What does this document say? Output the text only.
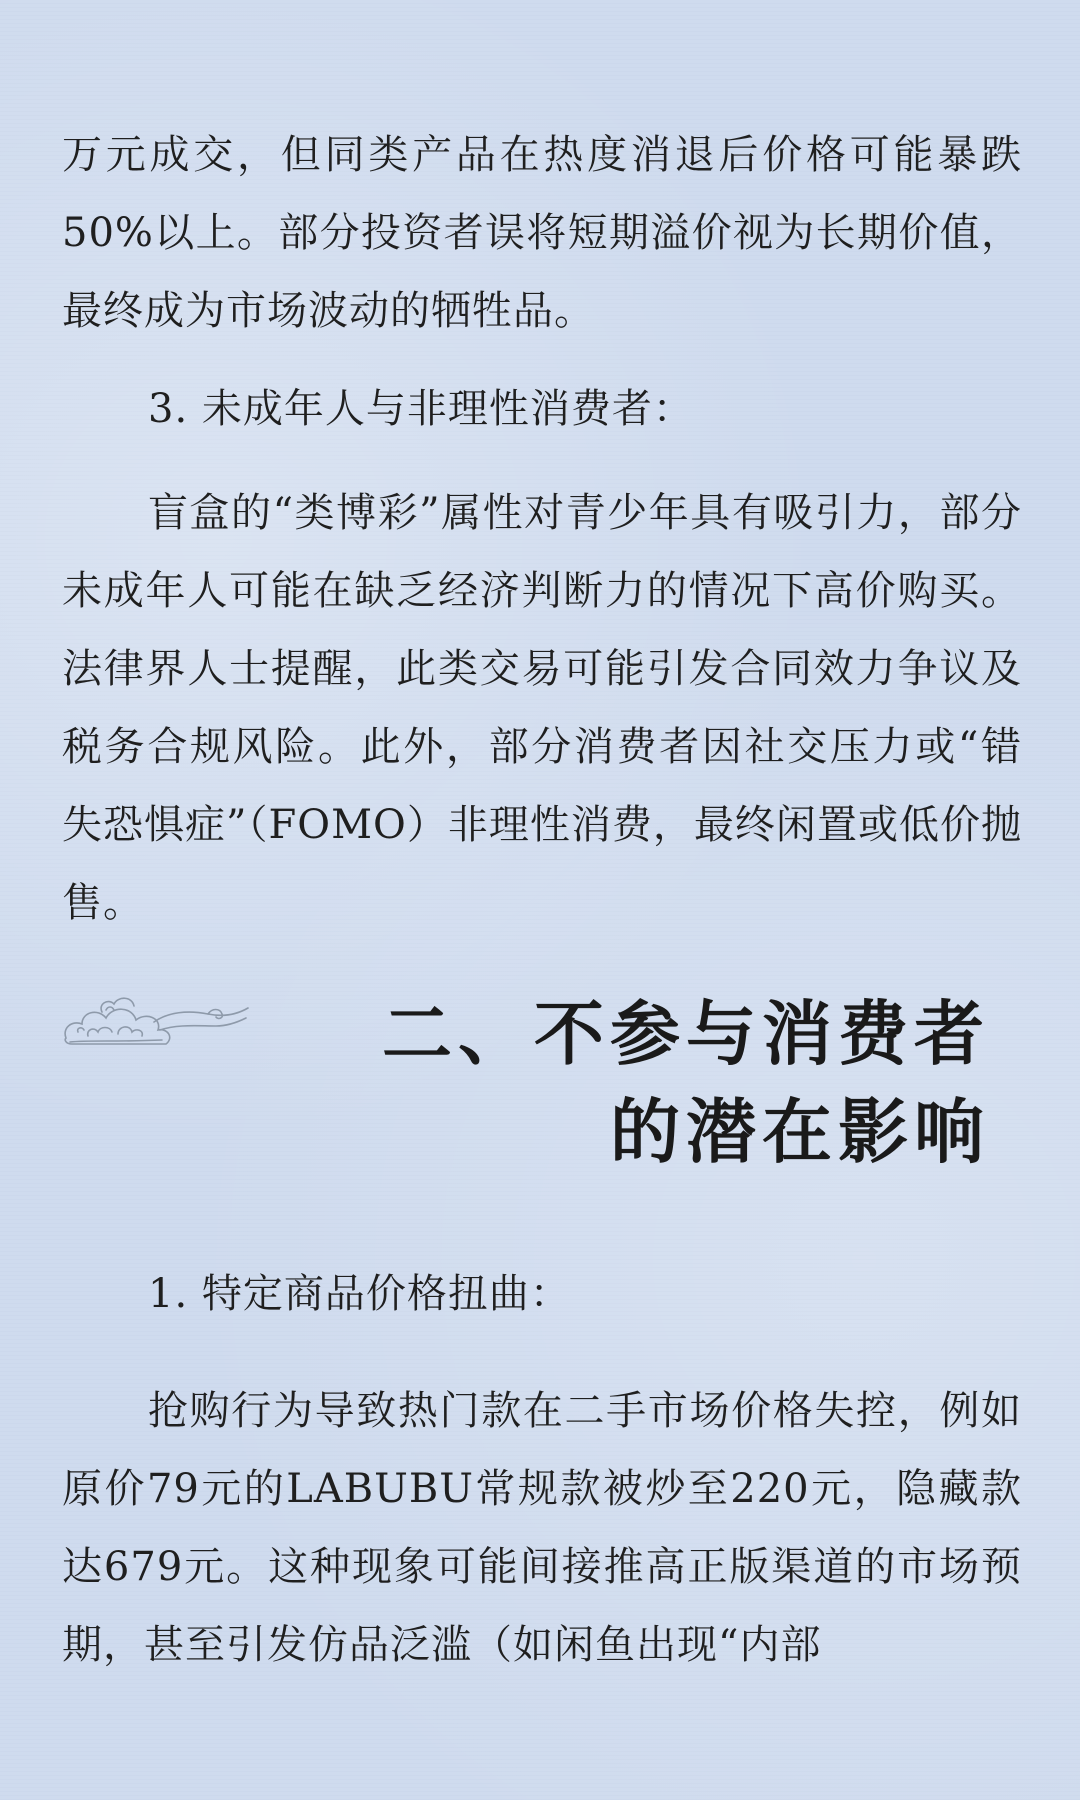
万元成交，但同类产品在热度消退后价格可能暴跌50%以上。部分投资者误将短期溢价视为长期价值，最终成为市场波动的牺牲品。

3. 未成年人与非理性消费者：

盲盒的“类博彩”属性对青少年具有吸引力，部分未成年人可能在缺乏经济判断力的情况下高价购买。法律界人士提醒，此类交易可能引发合同效力争议及税务合规风险。此外，部分消费者因社交压力或“错失恐惧症”（FOMO）非理性消费，最终闲置或低价抛售。

二、不参与消费者
的潜在影响

1. 特定商品价格扭曲：

抢购行为导致热门款在二手市场价格失控，例如原价79元的LABUBU常规款被炒至220元，隐藏款达679元。这种现象可能间接推高正版渠道的市场预期，甚至引发仿品泛滥（如闲鱼出现“内部
